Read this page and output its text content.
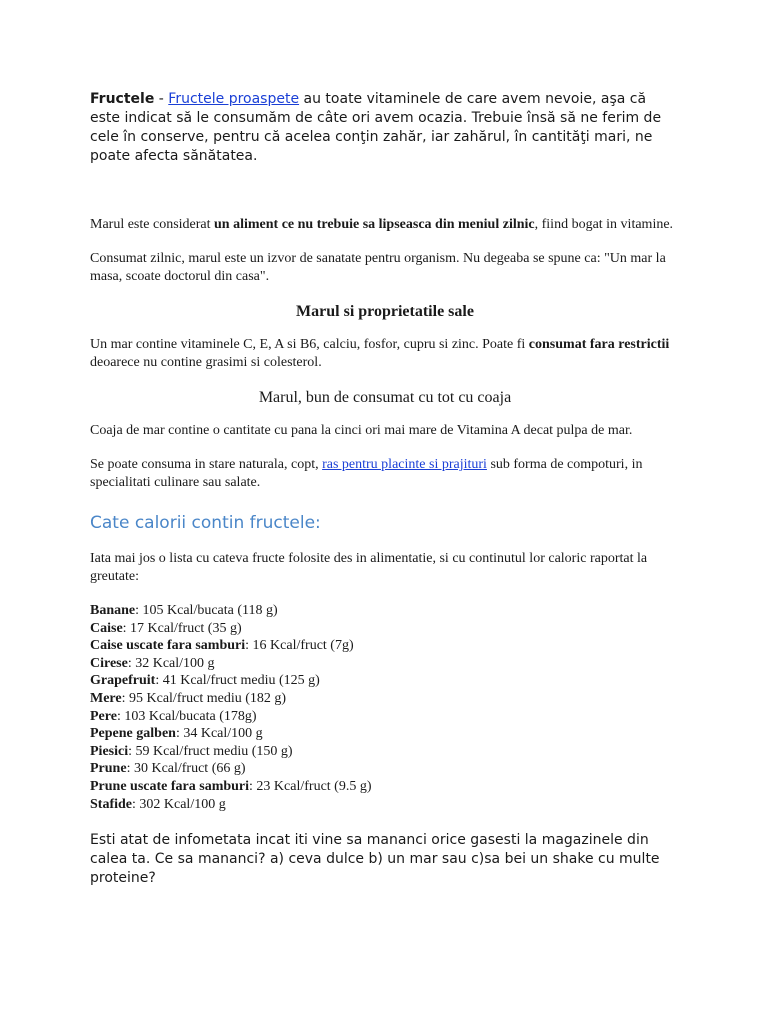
Fructele - Fructele proaspete au toate vitaminele de care avem nevoie, aşa că este indicat să le consumăm de câte ori avem ocazia. Trebuie însă să ne ferim de cele în conserve, pentru că acelea conţin zahăr, iar zahărul, în cantităţi mari, ne poate afecta sănătatea.

Marul este considerat un aliment ce nu trebuie sa lipseasca din meniul zilnic, fiind bogat in vitamine.

Consumat zilnic, marul este un izvor de sanatate pentru organism. Nu degeaba se spune ca: "Un mar la masa, scoate doctorul din casa".

Marul si proprietatile sale

Un mar contine vitaminele C, E, A si B6, calciu, fosfor, cupru si zinc. Poate fi consumat fara restrictii deoarece nu contine grasimi si colesterol.

Marul, bun de consumat cu tot cu coaja

Coaja de mar contine o cantitate cu pana la cinci ori mai mare de Vitamina A decat pulpa de mar.

Se poate consuma in stare naturala, copt, ras pentru placinte si prajituri sub forma de compoturi, in specialitati culinare sau salate.

Cate calorii contin fructele:

Iata mai jos o lista cu cateva fructe folosite des in alimentatie, si cu continutul lor caloric raportat la greutate:

Banane: 105 Kcal/bucata (118 g)
Caise: 17 Kcal/fruct (35 g)
Caise uscate fara samburi: 16 Kcal/fruct (7g)
Cirese: 32 Kcal/100 g
Grapefruit: 41 Kcal/fruct mediu (125 g)
Mere: 95 Kcal/fruct mediu (182 g)
Pere: 103 Kcal/bucata (178g)
Pepene galben: 34 Kcal/100 g
Piesici: 59 Kcal/fruct mediu (150 g)
Prune: 30 Kcal/fruct (66 g)
Prune uscate fara samburi: 23 Kcal/fruct (9.5 g)
Stafide: 302 Kcal/100 g

Esti atat de infometata incat iti vine sa mananci orice gasesti la magazinele din calea ta. Ce sa mananci? a) ceva dulce b) un mar sau c)sa bei un shake cu multe proteine?
